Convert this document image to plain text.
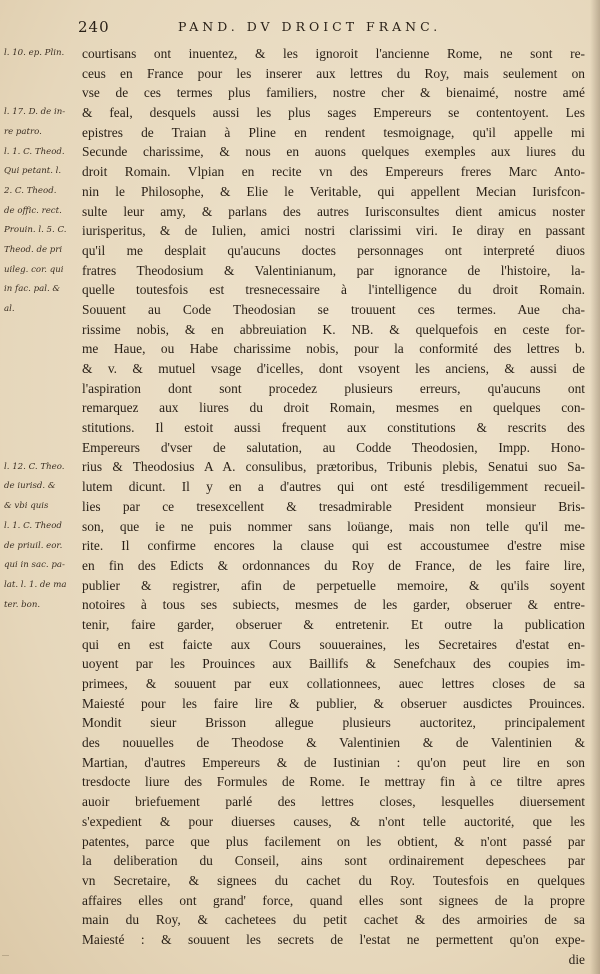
240	PAND. DV DROICT FRANC.
l. 10. ep. Plin.
l. 17. D. de in-
re patro.
l. 1. C. Theod.
Qui petant. l.
2. C. Theod.
de offic. rect.
Prouin. l. 5. C.
Theod. de pri
uileg. cor. qui
in fac. pal. &
al.
l. 12. C. Theo.
de iurisd. &
& vbi quis
l. 1. C. Theod
de priuil. eor.
qui in sac. pa-
lat. l. 1. de ma
ter. bon.
courtisans ont inuentez, & les ignoroit l'ancienne Rome, ne sont re-
ceus en France pour les inserer aux lettres du Roy, mais seulement on
vse de ces termes plus familiers, nostre cher & bienaimé, nostre amé
& feal, desquels aussi les plus sages Empereurs se contentoyent. Les
epistres de Traian à Pline en rendent tesmoignage, qu'il appelle mi
Secunde charissime, & nous en auons quelques exemples aux liures du
droit Romain. Vlpian en recite vn des Empereurs freres Marc Anto-
nin le Philosophe, & Elie le Veritable, qui appellent Mecian Iurisfcon-
sulte leur amy, & parlans des autres Iurisconsultes dient amicus noster
iurisperitus, & de Iulien, amici nostri clarissimi viri. Ie diray en passant
qu'il me desplait qu'aucuns doctes personnages ont interpreté diuos
fratres Theodosium & Valentinianum, par ignorance de l'histoire, la-
quelle toutesfois est tresnecessaire à l'intelligence du droit Romain.
Souuent au Code Theodosian se trouuent ces termes. Aue cha-
rissime nobis, & en abbreuiation K. NB. & quelquefois en ceste for-
me Haue, ou Habe charissime nobis, pour la conformité des lettres b.
& v. & mutuel vsage d'icelles, dont vsoyent les anciens, & aussi de
l'aspiration dont sont procedez plusieurs erreurs, qu'aucuns ont
remarquez aux liures du droit Romain, mesmes en quelques con-
stitutions. Il estoit aussi frequent aux constitutions & rescrits des
Empereurs d'vser de salutation, au Codde Theodosien, Impp. Hono-
rius & Theodosius A A. consulibus, prætoribus, Tribunis plebis, Senatui suo Sa-
lutem dicunt. Il y en a d'autres qui ont esté tresdiligemment recueil-
lies par ce tresexcellent & tresadmirable President monsieur Bris-
son, que ie ne puis nommer sans loüange, mais non telle qu'il me-
rite. Il confirme encores la clause qui est accoustumee d'estre mise
en fin des Edicts & ordonnances du Roy de France, de les faire lire,
publier & registrer, afin de perpetuelle memoire, & qu'ils soyent
notoires à tous ses subiects, mesmes de les garder, obseruer & entre-
tenir, faire garder, obseruer & entretenir. Et outre la publication
qui en est faicte aux Cours souueraines, les Secretaires d'estat en-
uoyent par les Prouinces aux Baillifs & Senefchaux des coupies im-
primees, & souuent par eux collationnees, auec lettres closes de sa
Maiesté pour les faire lire & publier, & obseruer ausdictes Prouinces.
Mondit sieur Brisson allegue plusieurs auctoritez, principalement
des nouuelles de Theodose & Valentinien & de Valentinien &
Martian, d'autres Empereurs & de Iustinian : qu'on peut lire en son
tresdocte liure des Formules de Rome. Ie mettray fin à ce tiltre apres
auoir briefuement parlé des lettres closes, lesquelles diuersement
s'expedient & pour diuerses causes, & n'ont telle auctorité, que les
patentes, parce que plus facilement on les obtient, & n'ont passé par
la deliberation du Conseil, ains sont ordinairement depeschees par
vn Secretaire, & signees du cachet du Roy. Toutesfois en quelques
affaires elles ont grand' force, quand elles sont signees de la propre
main du Roy, & cachetees du petit cachet & des armoiries de sa
Maiesté : & souuent les secrets de l'estat ne permettent qu'on expe-
die
